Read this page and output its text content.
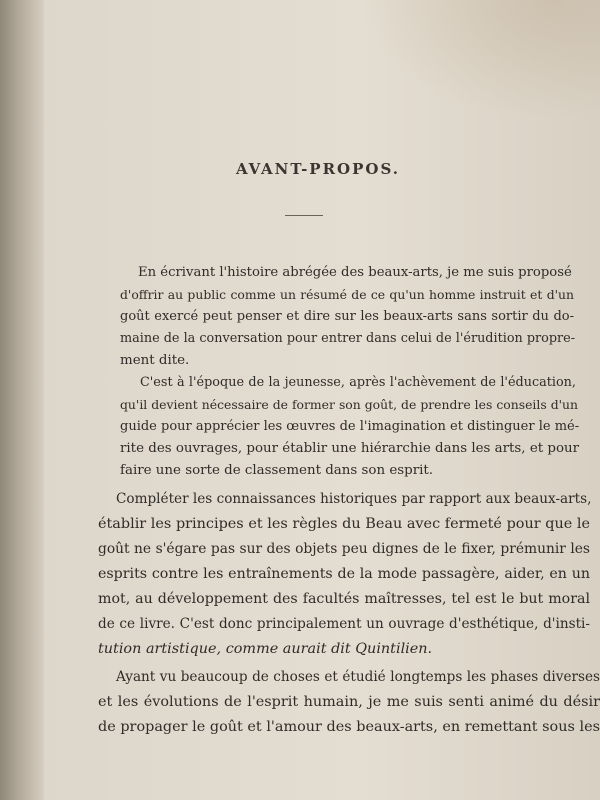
AVANT-PROPOS.

En écrivant l'histoire abrégée des beaux-arts, je me suis proposé

d'offrir au public comme un résumé de ce qu'un homme instruit et d'un

goût exercé peut penser et dire sur les beaux-arts sans sortir du do-

maine de la conversation pour entrer dans celui de l'érudition propre-

ment dite.

C'est à l'époque de la jeunesse, après l'achèvement de l'éducation,

qu'il devient nécessaire de former son goût, de prendre les conseils d'un

guide pour apprécier les œuvres de l'imagination et distinguer le mé-

rite des ouvrages, pour établir une hiérarchie dans les arts, et pour

faire une sorte de classement dans son esprit.

Compléter les connaissances historiques par rapport aux beaux-arts,

établir les principes et les règles du Beau avec fermeté pour que le

goût ne s'égare pas sur des objets peu dignes de le fixer, prémunir les

esprits contre les entraînements de la mode passagère, aider, en un

mot, au développement des facultés maîtresses, tel est le but moral

de ce livre. C'est donc principalement un ouvrage d'esthétique, d'insti-

tution artistique, comme aurait dit Quintilien.

Ayant vu beaucoup de choses et étudié longtemps les phases diverses

et les évolutions de l'esprit humain, je me suis senti animé du désir

de propager le goût et l'amour des beaux-arts, en remettant sous les
